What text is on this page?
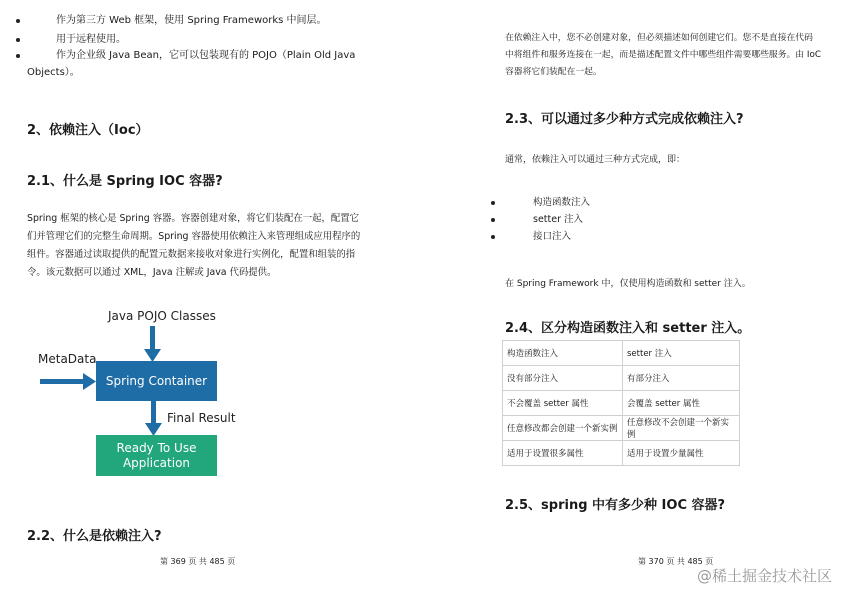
作为第三方 Web 框架，使用 Spring Frameworks 中间层。
用于远程使用。
作为企业级 Java Bean，它可以包装现有的 POJO（Plain Old Java
Objects）。
2、依赖注入（Ioc）
2.1、什么是 Spring IOC 容器?
Spring 框架的核心是 Spring 容器。容器创建对象，将它们装配在一起，配置它
们并管理它们的完整生命周期。Spring 容器使用依赖注入来管理组成应用程序的
组件。容器通过读取提供的配置元数据来接收对象进行实例化，配置和组装的指
令。该元数据可以通过 XML，Java 注解或 Java 代码提供。
Java POJO Classes
MetaData
Spring Container
Final Result
Ready To Use
Application
2.2、什么是依赖注入?
第 369 页 共 485 页
在依赖注入中，您不必创建对象，但必须描述如何创建它们。您不是直接在代码
中将组件和服务连接在一起，而是描述配置文件中哪些组件需要哪些服务。由 IoC
容器将它们装配在一起。
2.3、可以通过多少种方式完成依赖注入?
通常，依赖注入可以通过三种方式完成，即：
构造函数注入
setter 注入
接口注入
在 Spring Framework 中，仅使用构造函数和 setter 注入。
2.4、区分构造函数注入和 setter 注入。
构造函数注入	setter 注入
没有部分注入	有部分注入
不会覆盖 setter 属性	会覆盖 setter 属性
任意修改都会创建一个新实例	任意修改不会创建一个新实例
适用于设置很多属性	适用于设置少量属性
2.5、spring 中有多少种 IOC 容器?
第 370 页 共 485 页
@稀土掘金技术社区
